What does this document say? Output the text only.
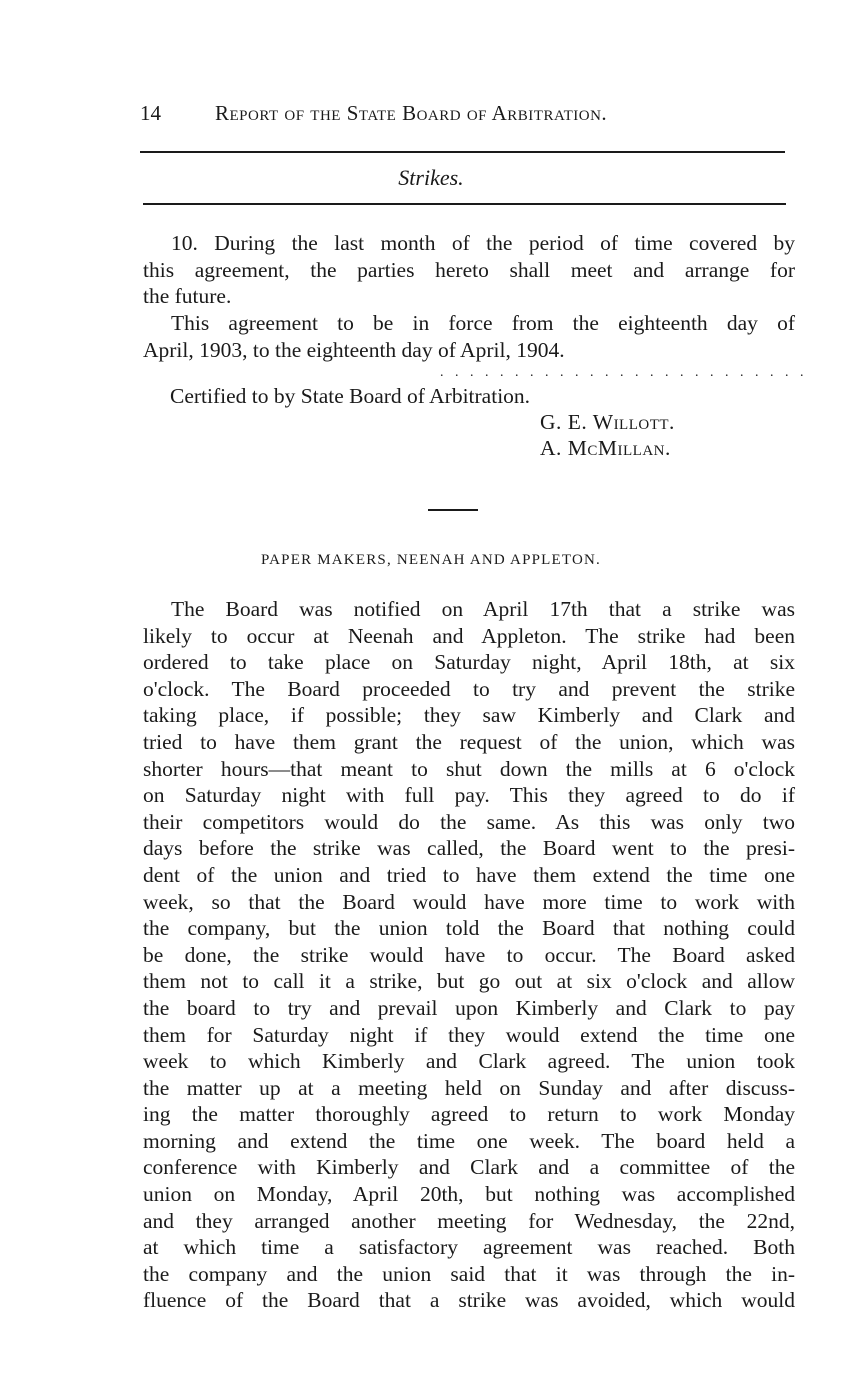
14	Report of the State Board of Arbitration.
Strikes.
10. During the last month of the period of time covered by
this agreement, the parties hereto shall meet and arrange for
the future.
This agreement to be in force from the eighteenth day of
April, 1903, to the eighteenth day of April, 1904.
. . . . . . . . . . . . . . . . . . . . . . . . .
Certified to by State Board of Arbitration.
G. E. Willott.
A. McMillan.
PAPER MAKERS, NEENAH AND APPLETON.
The Board was notified on April 17th that a strike was
likely to occur at Neenah and Appleton. The strike had been
ordered to take place on Saturday night, April 18th, at six
o'clock. The Board proceeded to try and prevent the strike
taking place, if possible; they saw Kimberly and Clark and
tried to have them grant the request of the union, which was
shorter hours—that meant to shut down the mills at 6 o'clock
on Saturday night with full pay. This they agreed to do if
their competitors would do the same. As this was only two
days before the strike was called, the Board went to the presi-
dent of the union and tried to have them extend the time one
week, so that the Board would have more time to work with
the company, but the union told the Board that nothing could
be done, the strike would have to occur. The Board asked
them not to call it a strike, but go out at six o'clock and allow
the board to try and prevail upon Kimberly and Clark to pay
them for Saturday night if they would extend the time one
week to which Kimberly and Clark agreed. The union took
the matter up at a meeting held on Sunday and after discuss-
ing the matter thoroughly agreed to return to work Monday
morning and extend the time one week. The board held a
conference with Kimberly and Clark and a committee of the
union on Monday, April 20th, but nothing was accomplished
and they arranged another meeting for Wednesday, the 22nd,
at which time a satisfactory agreement was reached. Both
the company and the union said that it was through the in-
fluence of the Board that a strike was avoided, which would
